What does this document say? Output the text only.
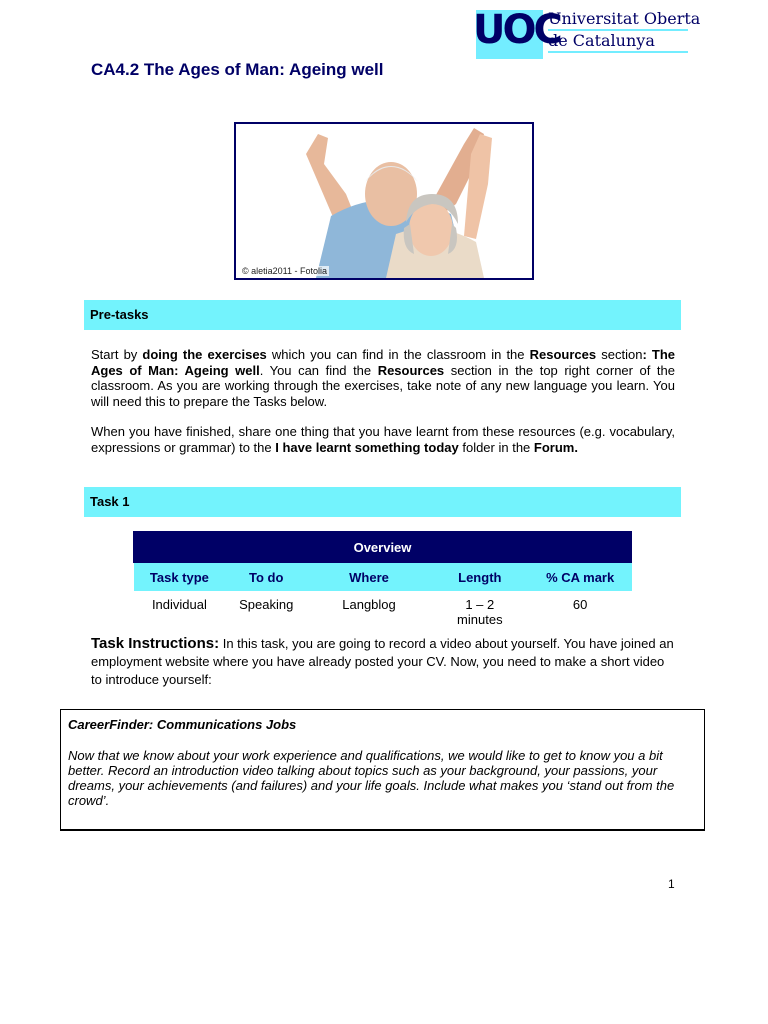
UOC
Universitat Oberta
de Catalunya
CA4.2 The Ages of Man: Ageing well
© aletia2011 - Fotolia
Pre-tasks
Start by doing the exercises which you can find in the classroom in the Resources section: The Ages of Man: Ageing well. You can find the Resources section in the top right corner of the classroom. As you are working through the exercises, take note of any new language you learn. You will need this to prepare the Tasks below.
When you have finished, share one thing that you have learnt from these resources (e.g. vocabulary, expressions or grammar) to the I have learnt something today folder in the Forum.
Task 1
Overview				
Task type	To do	Where	Length	% CA mark
Individual	Speaking	Langblog	1 – 2 minutes	60
Task Instructions: In this task, you are going to record a video about yourself. You have joined an employment website where you have already posted your CV. Now, you need to make a short video to introduce yourself:
CareerFinder: Communications Jobs
Now that we know about your work experience and qualifications, we would like to get to know you a bit better. Record an introduction video talking about topics such as your background, your passions, your dreams, your achievements (and failures) and your life goals. Include what makes you ‘stand out from the crowd’.
1
